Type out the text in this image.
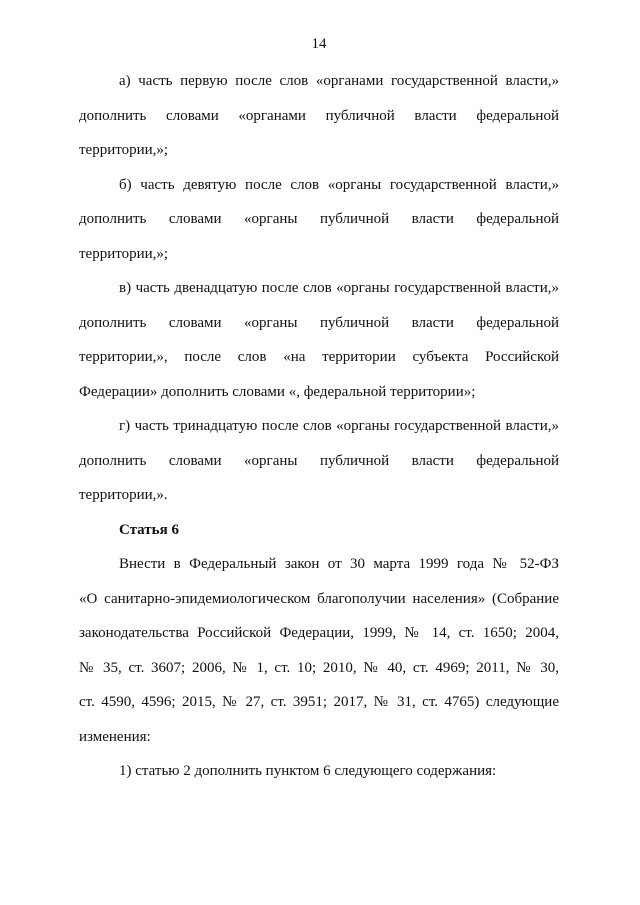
14

а) часть первую после слов «органами государственной власти,»
дополнить словами «органами публичной власти федеральной
территории,»;

б) часть девятую после слов «органы государственной власти,»
дополнить словами «органы публичной власти федеральной
территории,»;

в) часть двенадцатую после слов «органы государственной власти,»
дополнить словами «органы публичной власти федеральной
территории,», после слов «на территории субъекта Российской
Федерации» дополнить словами «, федеральной территории»;

г) часть тринадцатую после слов «органы государственной власти,»
дополнить словами «органы публичной власти федеральной
территории,».

Статья 6

Внести в Федеральный закон от 30 марта 1999 года № 52-ФЗ
«О санитарно-эпидемиологическом благополучии населения» (Собрание
законодательства Российской Федерации, 1999, № 14, ст. 1650; 2004,
№ 35, ст. 3607; 2006, № 1, ст. 10; 2010, № 40, ст. 4969; 2011, № 30,
ст. 4590, 4596; 2015, № 27, ст. 3951; 2017, № 31, ст. 4765) следующие
изменения:

1) статью 2 дополнить пунктом 6 следующего содержания:
